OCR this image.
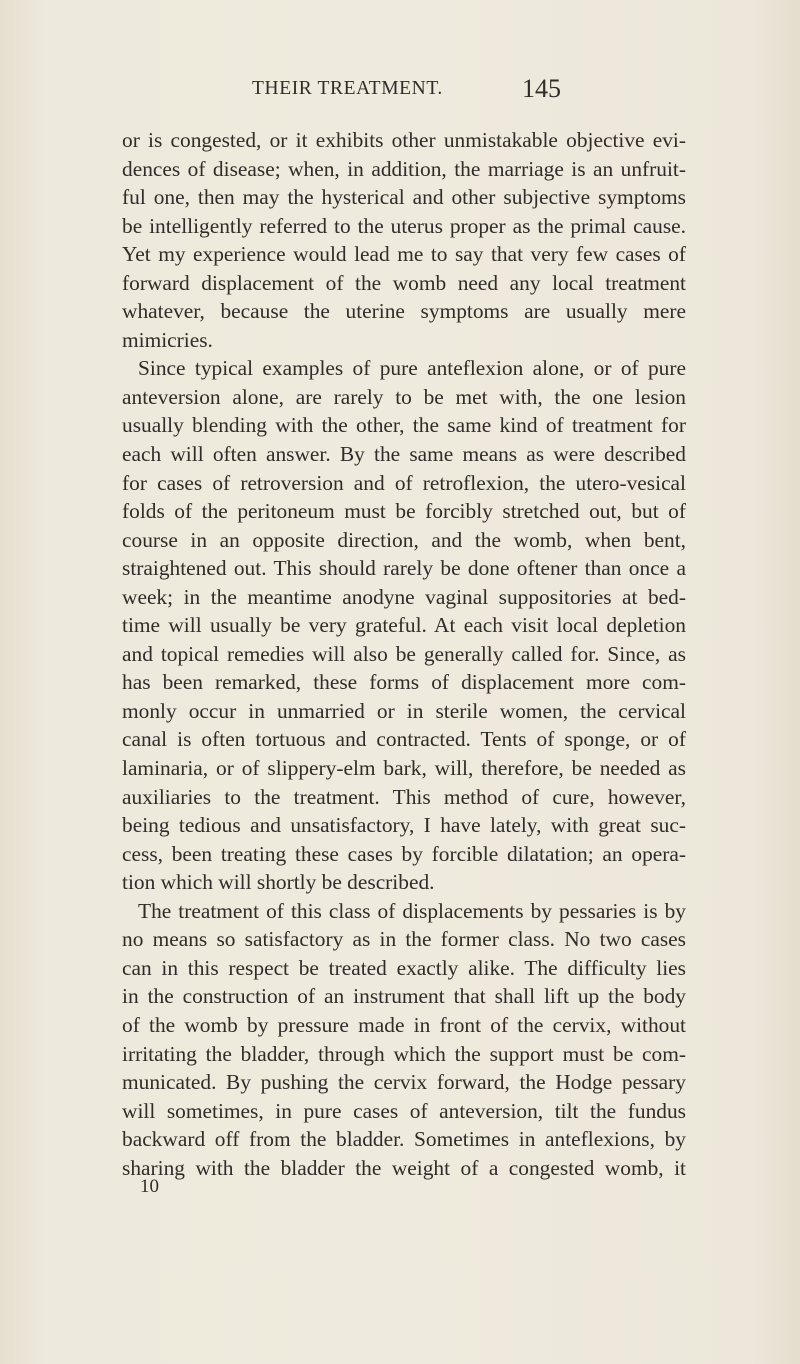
THEIR TREATMENT.	145
or is congested, or it exhibits other unmistakable objective evi-
dences of disease; when, in addition, the marriage is an unfruit-
ful one, then may the hysterical and other subjective symptoms
be intelligently referred to the uterus proper as the primal cause.
Yet my experience would lead me to say that very few cases of
forward displacement of the womb need any local treatment
whatever, because the uterine symptoms are usually mere
mimicries.
Since typical examples of pure anteflexion alone, or of pure
anteversion alone, are rarely to be met with, the one lesion
usually blending with the other, the same kind of treatment for
each will often answer. By the same means as were described
for cases of retroversion and of retroflexion, the utero-vesical
folds of the peritoneum must be forcibly stretched out, but of
course in an opposite direction, and the womb, when bent,
straightened out. This should rarely be done oftener than once a
week; in the meantime anodyne vaginal suppositories at bed-
time will usually be very grateful. At each visit local depletion
and topical remedies will also be generally called for. Since, as
has been remarked, these forms of displacement more com-
monly occur in unmarried or in sterile women, the cervical
canal is often tortuous and contracted. Tents of sponge, or of
laminaria, or of slippery-elm bark, will, therefore, be needed as
auxiliaries to the treatment. This method of cure, however,
being tedious and unsatisfactory, I have lately, with great suc-
cess, been treating these cases by forcible dilatation; an opera-
tion which will shortly be described.
The treatment of this class of displacements by pessaries is by
no means so satisfactory as in the former class. No two cases
can in this respect be treated exactly alike. The difficulty lies
in the construction of an instrument that shall lift up the body
of the womb by pressure made in front of the cervix, without
irritating the bladder, through which the support must be com-
municated. By pushing the cervix forward, the Hodge pessary
will sometimes, in pure cases of anteversion, tilt the fundus
backward off from the bladder. Sometimes in anteflexions, by
sharing with the bladder the weight of a congested womb, it
10
